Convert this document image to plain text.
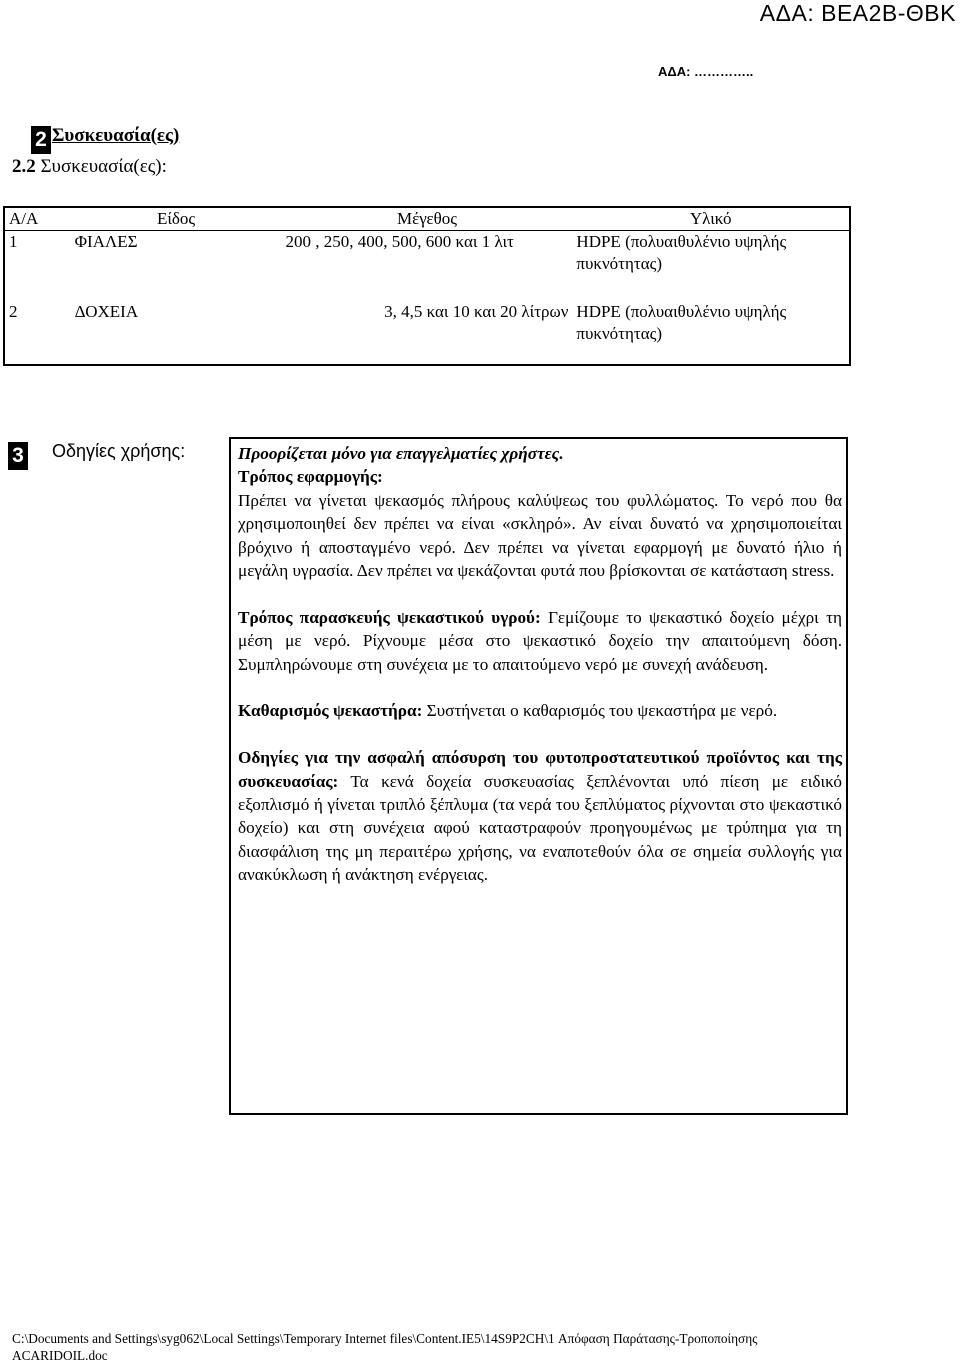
ΑΔΑ: ΒΕΑ2Β-ΘΒΚ
ΑΔΑ: …………..
2 Συσκευασία(ες)
2.2 Συσκευασία(ες):
Α/Α	Είδος	Μέγεθος	Υλικό
1	ΦΙΑΛΕΣ	200 , 250, 400, 500, 600 και 1 λιτ	HDPE (πολυαιθυλένιο υψηλής πυκνότητας)
2	ΔΟΧΕΙΑ	3, 4,5 και 10 και 20 λίτρων	HDPE (πολυαιθυλένιο υψηλής πυκνότητας)
3 Οδηγίες χρήσης:	Προορίζεται μόνο για επαγγελματίες χρήστες.

Τρόπος εφαρμογής:

Πρέπει να γίνεται ψεκασμός πλήρους καλύψεως του φυλλώματος. Το νερό που θα χρησιμοποιηθεί δεν πρέπει να είναι «σκληρό». Αν είναι δυνατό να χρησιμοποιείται βρόχινο ή αποσταγμένο νερό. Δεν πρέπει να γίνεται εφαρμογή με δυνατό ήλιο ή μεγάλη υγρασία. Δεν πρέπει να ψεκάζονται φυτά που βρίσκονται σε κατάσταση stress.

Τρόπος παρασκευής ψεκαστικού υγρού: Γεμίζουμε το ψεκαστικό δοχείο μέχρι τη μέση με νερό. Ρίχνουμε μέσα στο ψεκαστικό δοχείο την απαιτούμενη δόση. Συμπληρώνουμε στη συνέχεια με το απαιτούμενο νερό με συνεχή ανάδευση.

Καθαρισμός ψεκαστήρα: Συστήνεται ο καθαρισμός του ψεκαστήρα με νερό.

Οδηγίες για την ασφαλή απόσυρση του φυτοπροστατευτικού προϊόντος και της συσκευασίας: Τα κενά δοχεία συσκευασίας ξεπλένονται υπό πίεση με ειδικό εξοπλισμό ή γίνεται τριπλό ξέπλυμα (τα νερά του ξεπλύματος ρίχνονται στο ψεκαστικό δοχείο) και στη συνέχεια αφού καταστραφούν προηγουμένως με τρύπημα για τη διασφάλιση της μη περαιτέρω χρήσης, να εναποτεθούν όλα σε σημεία συλλογής για ανακύκλωση ή ανάκτηση ενέργειας.

C:\Documents and Settings\syg062\Local Settings\Temporary Internet files\Content.IE5\14S9P2CH\1 Απόφαση Παράτασης-Τροποποίησης
ACARIDOIL.doc
